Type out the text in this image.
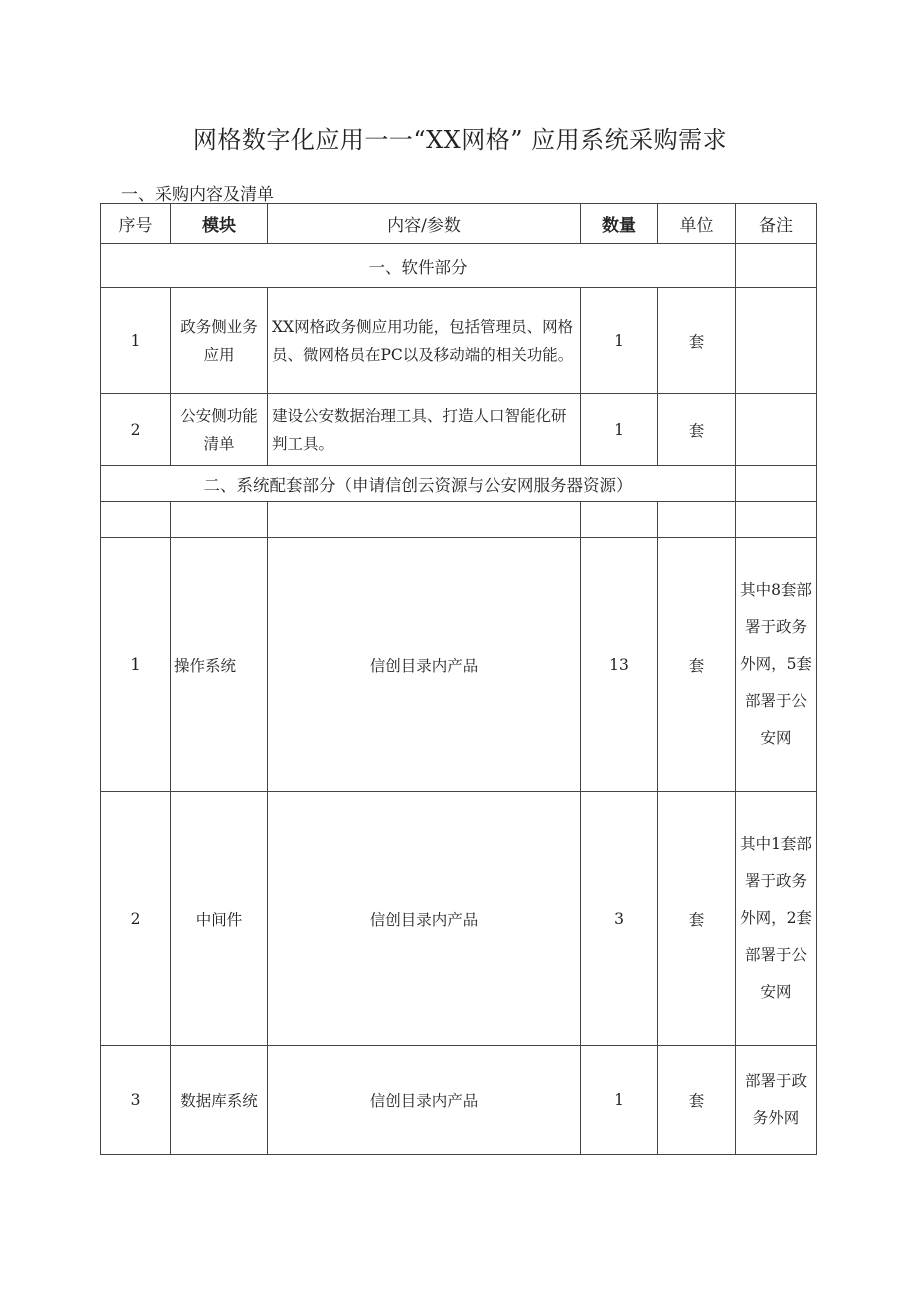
网格数字化应用一一“XX网格” 应用系统采购需求
一、采购内容及清单
序号	模块	内容/参数	数量	单位	备注
一、软件部分					
1	政务侧业务应用	XX网格政务侧应用功能，包括管理员、网格员、微网格员在PC以及移动端的相关功能。	1	套	
2	公安侧功能清单	建设公安数据治理工具、打造人口智能化研判工具。	1	套	
二、系统配套部分（申请信创云资源与公安网服务器资源）					

1	操作系统	信创目录内产品	13	套	其中8套部署于政务外网，5套部署于公安网
2	中间件	信创目录内产品	3	套	其中1套部署于政务外网，2套部署于公安网
3	数据库系统	信创目录内产品	1	套	部署于政务外网
